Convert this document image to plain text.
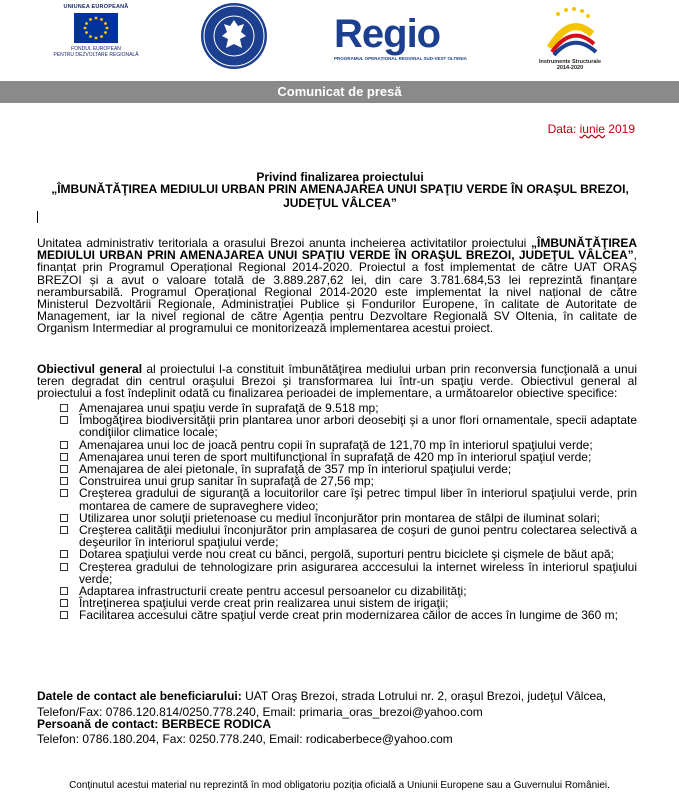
UNIUNEA EUROPEANĂ
FONDUL EUROPEAN
PENTRU DEZVOLTARE REGIONALĂ	Regio
PROGRAMUL OPERAȚIONAL REGIONAL SUD-VEST OLTENIA
Instrumente Structurale
2014-2020
Comunicat de presă
Data: iunie 2019
Privind finalizarea proiectului
„ÎMBUNĂTĂŢIREA MEDIULUI URBAN PRIN AMENAJAREA UNUI SPAŢIU VERDE ÎN ORAŞUL BREZOI, JUDEŢUL VÂLCEA”
Unitatea administrativ teritoriala a orasului Brezoi anunta incheierea activitatilor proiectului „ÎMBUNĂTĂŢIREA MEDIULUI URBAN PRIN AMENAJAREA UNUI SPAŢIU VERDE ÎN ORAŞUL BREZOI, JUDEŢUL VÂLCEA”, finanțat prin Programul Operațional Regional 2014-2020. Proiectul a fost implementat de către UAT ORAȘ BREZOI și a avut o valoare totală de 3.889.287,62 lei, din care 3.781.684,53 lei reprezintă finanțare nerambursabilă. Programul Operațional Regional 2014-2020 este implementat la nivel național de către Ministerul Dezvoltării Regionale, Administrației Publice și Fondurilor Europene, în calitate de Autoritate de Management, iar la nivel regional de către Agenția pentru Dezvoltare Regională SV Oltenia, în calitate de Organism Intermediar al programului ce monitorizează implementarea acestui proiect.
Obiectivul general al proiectului l-a constituit îmbunătăţirea mediului urban prin reconversia funcţională a unui teren degradat din centrul oraşului Brezoi şi transformarea lui într-un spaţiu verde. Obiectivul general al proiectului a fost îndeplinit odată cu finalizarea perioadei de implementare, a următoarelor obiective specifice:
Amenajarea unui spaţiu verde în suprafaţă de 9.518 mp;
Îmbogăţirea biodiversităţii prin plantarea unor arbori deosebiţi şi a unor flori ornamentale, specii adaptate condiţiilor climatice locale;
Amenajarea unui loc de joacă pentru copii în suprafaţă de 121,70 mp în interiorul spaţiului verde;
Amenajarea unui teren de sport multifuncţional în suprafaţă de 420 mp în interiorul spaţiul verde;
Amenajarea de alei pietonale, în suprafaţă de 357 mp în interiorul spaţiului verde;
Construirea unui grup sanitar în suprafaţă de 27,56 mp;
Creşterea gradului de siguranţă a locuitorilor care îşi petrec timpul liber în interiorul spaţiului verde, prin montarea de camere de supraveghere video;
Utilizarea unor soluţii prietenoase cu mediul înconjurător prin montarea de stâlpi de iluminat solari;
Creşterea calităţii mediului înconjurător prin amplasarea de coşuri de gunoi pentru colectarea selectivă a deşeurilor în interiorul spaţiului verde;
Dotarea spaţiului verde nou creat cu bănci, pergolă, suporturi pentru biciclete şi cişmele de băut apă;
Creşterea gradului de tehnologizare prin asigurarea acccesului la internet wireless în interiorul spaţiului verde;
Adaptarea infrastructurii create pentru accesul persoanelor cu dizabilităţi;
Întreţinerea spaţiului verde creat prin realizarea unui sistem de irigaţii;
Facilitarea accesului către spaţiul verde creat prin modernizarea căilor de acces în lungime de 360 m;
Datele de contact ale beneficiarului: UAT Oraş Brezoi, strada Lotrului nr. 2, oraşul Brezoi, judeţul Vâlcea,
Telefon/Fax: 0786.120.814/0250.778.240, Email: primaria_oras_brezoi@yahoo.com
Persoană de contact: BERBECE RODICA
Telefon: 0786.180.204, Fax: 0250.778.240, Email: rodicaberbece@yahoo.com
Conținutul acestui material nu reprezintă în mod obligatoriu poziția oficială a Uniunii Europene sau a Guvernului României.
